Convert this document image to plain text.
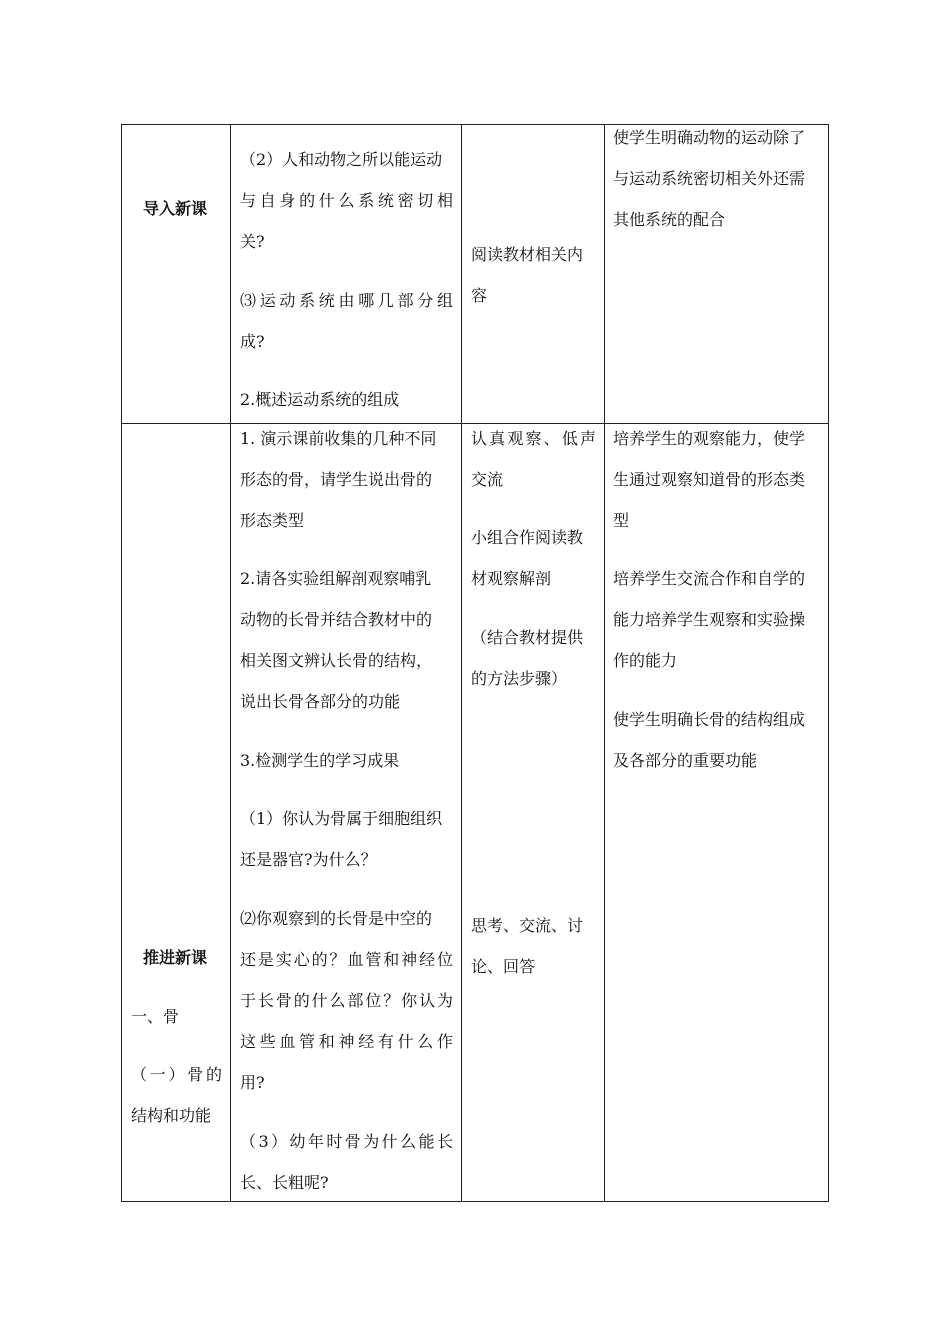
导入新课
（2）人和动物之所以能运动
与自身的什么系统密切相
关?
⑶运动系统由哪几部分组
成?
2.概述运动系统的组成
阅读教材相关内
容
使学生明确动物的运动除了
与运动系统密切相关外还需
其他系统的配合
推进新课
一、骨
（一）骨的
结构和功能
1. 演示课前收集的几种不同
形态的骨，请学生说出骨的
形态类型
2.请各实验组解剖观察哺乳
动物的长骨并结合教材中的
相关图文辨认长骨的结构，
说出长骨各部分的功能
3.检测学生的学习成果
（1）你认为骨属于细胞组织
还是器官?为什么？
⑵你观察到的长骨是中空的
还是实心的？血管和神经位
于长骨的什么部位？你认为
这些血管和神经有什么作
用?
（3）幼年时骨为什么能长
长、长粗呢?
认真观察、低声
交流
小组合作阅读教
材观察解剖
（结合教材提供
的方法步骤）
思考、交流、讨
论、回答
培养学生的观察能力，使学
生通过观察知道骨的形态类
型
培养学生交流合作和自学的
能力培养学生观察和实验操
作的能力
使学生明确长骨的结构组成
及各部分的重要功能
